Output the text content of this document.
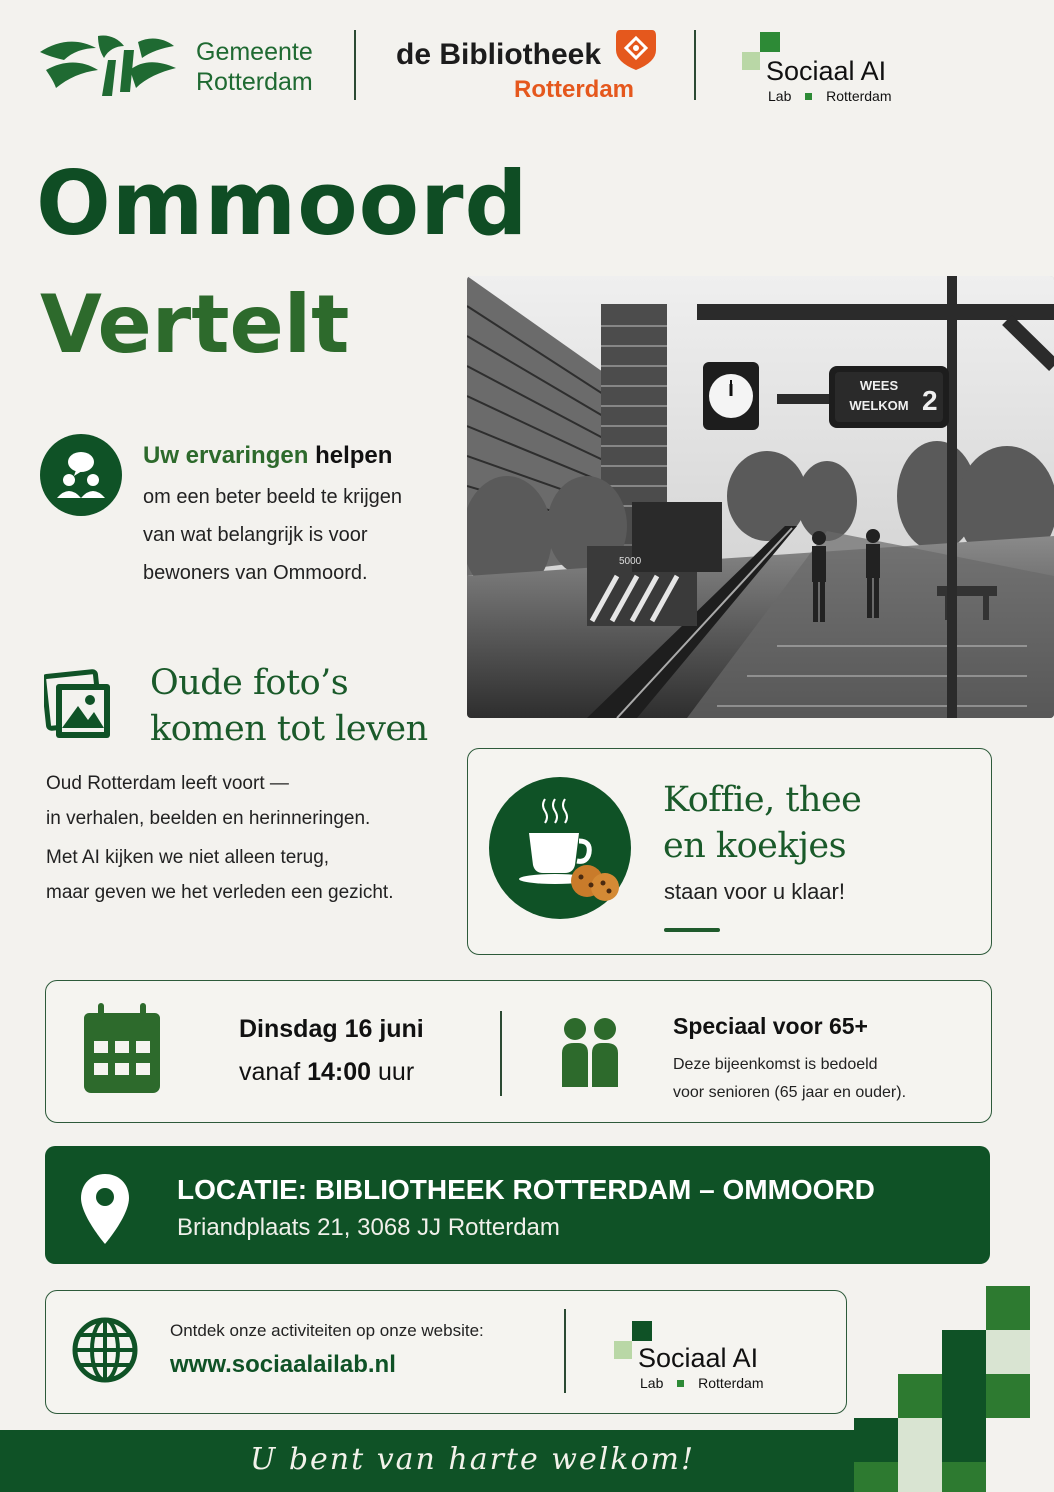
Gemeente
Rotterdam
de Bibliotheek
Rotterdam
Sociaal AI
Lab Rotterdam
Ommoord
Vertelt
Uw ervaringen helpen
om een beter beeld te krijgen
van wat belangrijk is voor
bewoners van Ommoord.
Oude foto’s
komen tot leven
Oud Rotterdam leeft voort —
in verhalen, beelden en herinneringen.
Met AI kijken we niet alleen terug,
maar geven we het verleden een gezicht.
5000
WEES
WELKOM 2
Koffie, thee
en koekjes
staan voor u klaar!
Dinsdag 16 juni
vanaf 14:00 uur
Speciaal voor 65+
Deze bijeenkomst is bedoeld
voor senioren (65 jaar en ouder).
LOCATIE: BIBLIOTHEEK ROTTERDAM – OMMOORD
Briandplaats 21, 3068 JJ Rotterdam
Ontdek onze activiteiten op onze website:
www.sociaalailab.nl	Sociaal AI
Lab Rotterdam
U bent van harte welkom!
